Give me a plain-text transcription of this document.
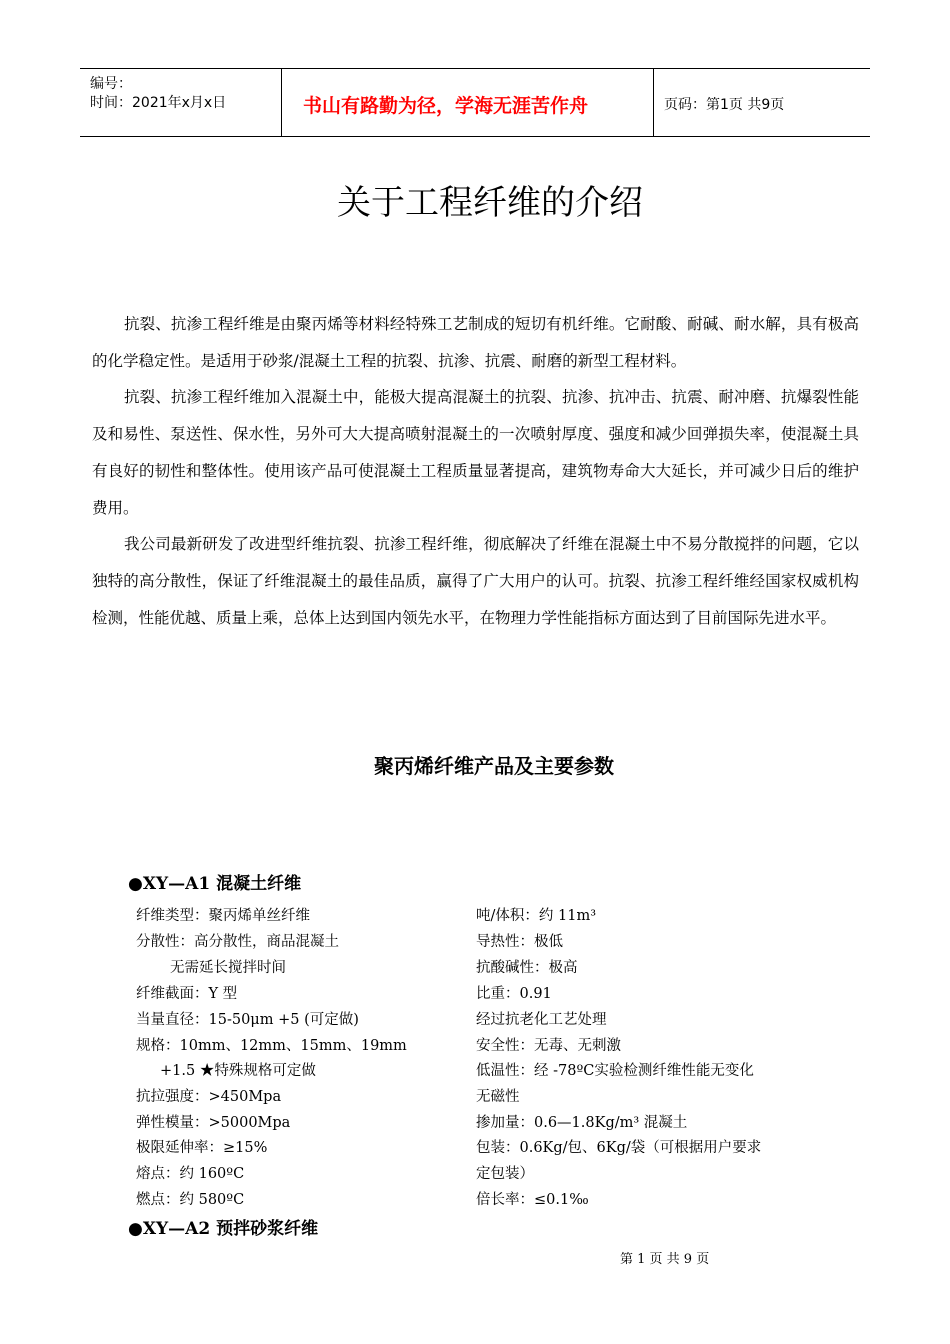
编号：
时间：2021年x月x日	书山有路勤为径，学海无涯苦作舟	页码：第1页 共9页
关于工程纤维的介绍

抗裂、抗渗工程纤维是由聚丙烯等材料经特殊工艺制成的短切有机纤维。它耐酸、耐碱、耐水解，具有极高的化学稳定性。是适用于砂浆/混凝土工程的抗裂、抗渗、抗震、耐磨的新型工程材料。

抗裂、抗渗工程纤维加入混凝土中，能极大提高混凝土的抗裂、抗渗、抗冲击、抗震、耐冲磨、抗爆裂性能及和易性、泵送性、保水性，另外可大大提高喷射混凝土的一次喷射厚度、强度和减少回弹损失率，使混凝土具有良好的韧性和整体性。使用该产品可使混凝土工程质量显著提高，建筑物寿命大大延长，并可减少日后的维护费用。

我公司最新研发了改进型纤维抗裂、抗渗工程纤维，彻底解决了纤维在混凝土中不易分散搅拌的问题，它以独特的高分散性，保证了纤维混凝土的最佳品质，赢得了广大用户的认可。抗裂、抗渗工程纤维经国家权威机构检测，性能优越、质量上乘，总体上达到国内领先水平，在物理力学性能指标方面达到了目前国际先进水平。

聚丙烯纤维产品及主要参数
●XY—A1 混凝土纤维
纤维类型：聚丙烯单丝纤维
分散性：高分散性，商品混凝土
无需延长搅拌时间
纤维截面：Y 型
当量直径：15-50μm +5 (可定做)
规格：10mm、12mm、15mm、19mm
+1.5 ★特殊规格可定做
抗拉强度：>450Mpa
弹性模量：>5000Mpa
极限延伸率：≥15%
熔点：约 160ºC
燃点：约 580ºC
吨/体积：约 11m³
导热性：极低
抗酸碱性：极高
比重：0.91
经过抗老化工艺处理
安全性：无毒、无刺激
低温性：经 -78ºC实验检测纤维性能无变化
无磁性
掺加量：0.6—1.8Kg/m³ 混凝土
包装：0.6Kg/包、6Kg/袋（可根据用户要求
定包装）
倍长率：≤0.1‰
●XY—A2 预拌砂浆纤维
第 1 页 共 9 页
